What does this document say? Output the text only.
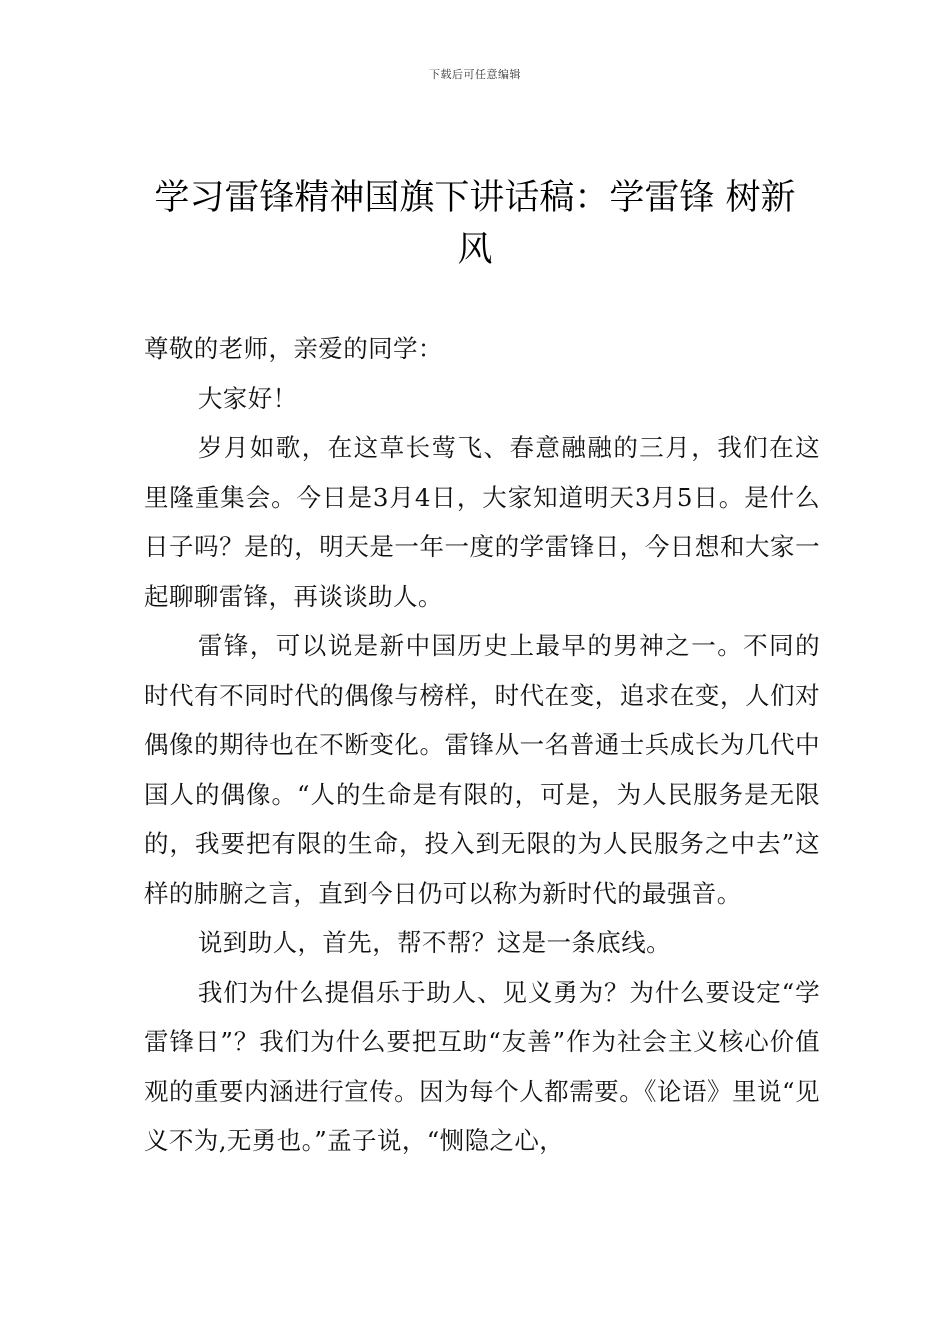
下载后可任意编辑
学习雷锋精神国旗下讲话稿：学雷锋 树新风

尊敬的老师，亲爱的同学：

大家好！

岁月如歌，在这草长莺飞、春意融融的三月，我们在这里隆重集会。今日是3月4日，大家知道明天3月5日。是什么日子吗？是的，明天是一年一度的学雷锋日，今日想和大家一起聊聊雷锋，再谈谈助人。

雷锋，可以说是新中国历史上最早的男神之一。不同的时代有不同时代的偶像与榜样，时代在变，追求在变，人们对偶像的期待也在不断变化。雷锋从一名普通士兵成长为几代中国人的偶像。“人的生命是有限的，可是，为人民服务是无限的，我要把有限的生命，投入到无限的为人民服务之中去”这样的肺腑之言，直到今日仍可以称为新时代的最强音。

说到助人，首先，帮不帮？这是一条底线。

我们为什么提倡乐于助人、见义勇为？为什么要设定“学雷锋日”？我们为什么要把互助“友善”作为社会主义核心价值观的重要内涵进行宣传。因为每个人都需要。《论语》里说“见义不为,无勇也。”孟子说，“恻隐之心，
